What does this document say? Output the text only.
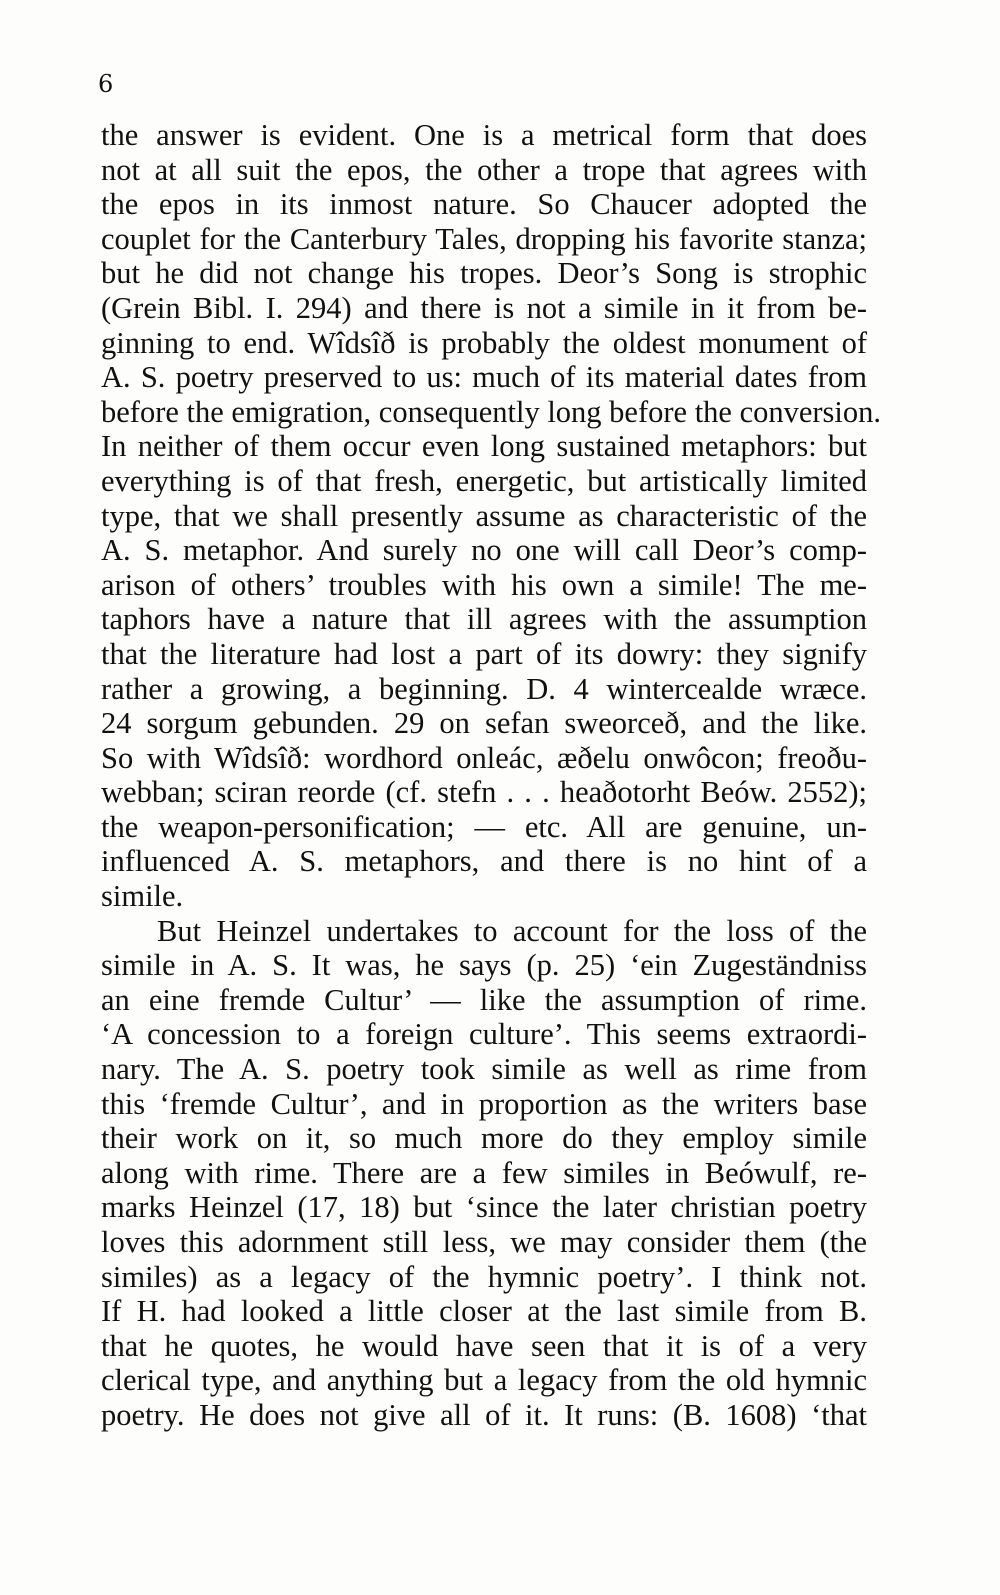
6
the answer is evident. One is a metrical form that does
not at all suit the epos, the other a trope that agrees with
the epos in its inmost nature. So Chaucer adopted the
couplet for the Canterbury Tales, dropping his favorite stanza;
but he did not change his tropes. Deor’s Song is strophic
(Grein Bibl. I. 294) and there is not a simile in it from be-
ginning to end. Wîdsîð is probably the oldest monument of
A. S. poetry preserved to us: much of its material dates from
before the emigration, consequently long before the conversion.
In neither of them occur even long sustained metaphors: but
everything is of that fresh, energetic, but artistically limited
type, that we shall presently assume as characteristic of the
A. S. metaphor. And surely no one will call Deor’s comp-
arison of others’ troubles with his own a simile! The me-
taphors have a nature that ill agrees with the assumption
that the literature had lost a part of its dowry: they signify
rather a growing, a beginning. D. 4 wintercealde wræce.
24 sorgum gebunden. 29 on sefan sweorceð, and the like.
So with Wîdsîð: wordhord onleác, æðelu onwôcon; freoðu-
webban; sciran reorde (cf. stefn . . . heaðotorht Beów. 2552);
the weapon-personification; — etc. All are genuine, un-
influenced A. S. metaphors, and there is no hint of a
simile.
But Heinzel undertakes to account for the loss of the
simile in A. S. It was, he says (p. 25) ‘ein Zugeständniss
an eine fremde Cultur’ — like the assumption of rime.
‘A concession to a foreign culture’. This seems extraordi-
nary. The A. S. poetry took simile as well as rime from
this ‘fremde Cultur’, and in proportion as the writers base
their work on it, so much more do they employ simile
along with rime. There are a few similes in Beówulf, re-
marks Heinzel (17, 18) but ‘since the later christian poetry
loves this adornment still less, we may consider them (the
similes) as a legacy of the hymnic poetry’. I think not.
If H. had looked a little closer at the last simile from B.
that he quotes, he would have seen that it is of a very
clerical type, and anything but a legacy from the old hymnic
poetry. He does not give all of it. It runs: (B. 1608) ‘that
